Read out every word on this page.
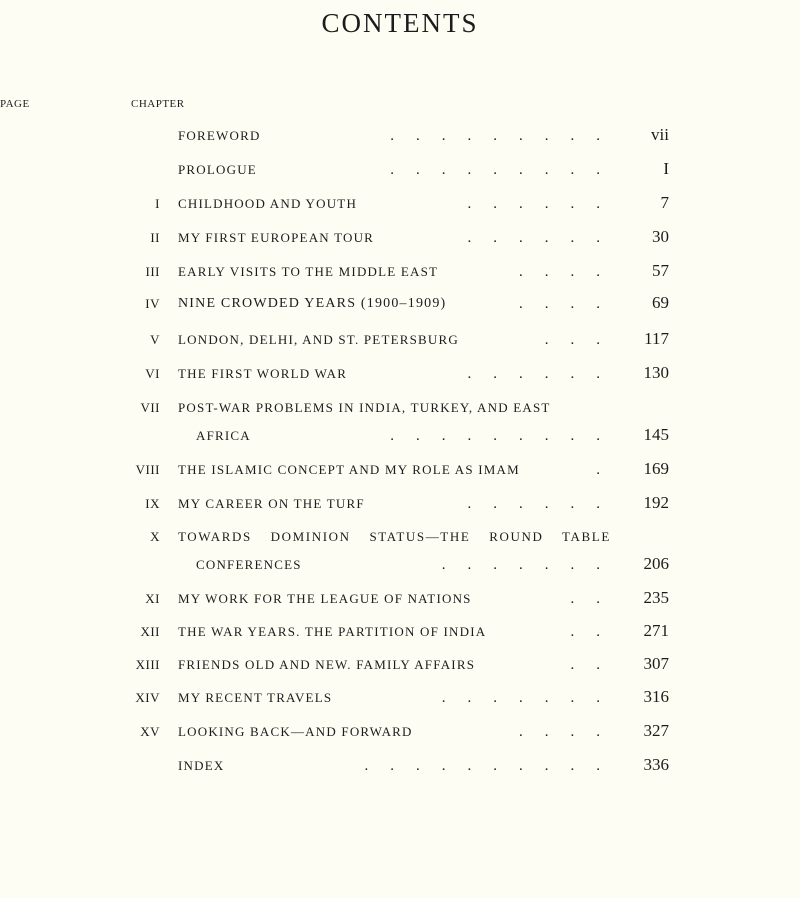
CONTENTS
CHAPTER
PAGE
FOREWORD	......... vii
PROLOGUE	......... I
I CHILDHOOD AND YOUTH	...... 7
II MY FIRST EUROPEAN TOUR	...... 30
III EARLY VISITS TO THE MIDDLE EAST	.... 57
IV NINE CROWDED YEARS (1900–1909)	.... 69
V LONDON, DELHI, AND ST. PETERSBURG	... 117
VI THE FIRST WORLD WAR	...... 130
VII POST-WAR PROBLEMS IN INDIA, TURKEY, AND EAST
AFRICA	......... 145
VIII THE ISLAMIC CONCEPT AND MY ROLE AS IMAM	. 169
IX MY CAREER ON THE TURF	...... 192
X TOWARDS DOMINION STATUS—THE ROUND TABLE
CONFERENCES	....... 206
XI MY WORK FOR THE LEAGUE OF NATIONS	.. 235
XII THE WAR YEARS. THE PARTITION OF INDIA	.. 271
XIII FRIENDS OLD AND NEW. FAMILY AFFAIRS	.. 307
XIV MY RECENT TRAVELS	....... 316
XV LOOKING BACK—AND FORWARD	.... 327
INDEX	.......... 336
